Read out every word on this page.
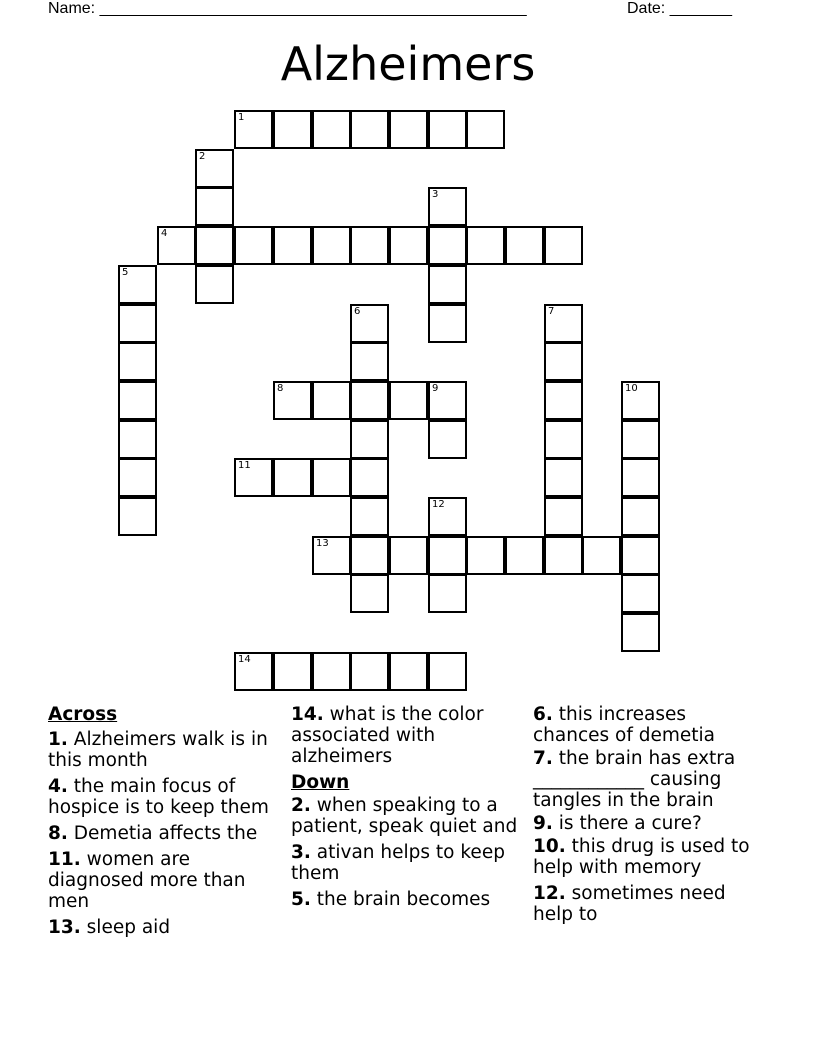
Name: ________________________________________________	Date: _______
Alzheimers
1
2
3
4
5
6	7
8	9	10
11
12
13
14
Across
1. Alzheimers walk is in this month
4. the main focus of hospice is to keep them
8. Demetia affects the
11. women are diagnosed more than men
13. sleep aid
14. what is the color associated with alzheimers
Down
2. when speaking to a patient, speak quiet and
3. ativan helps to keep them
5. the brain becomes
6. this increases chances of demetia
7. the brain has extra ____________ causing tangles in the brain
9. is there a cure?
10. this drug is used to help with memory
12. sometimes need help to
